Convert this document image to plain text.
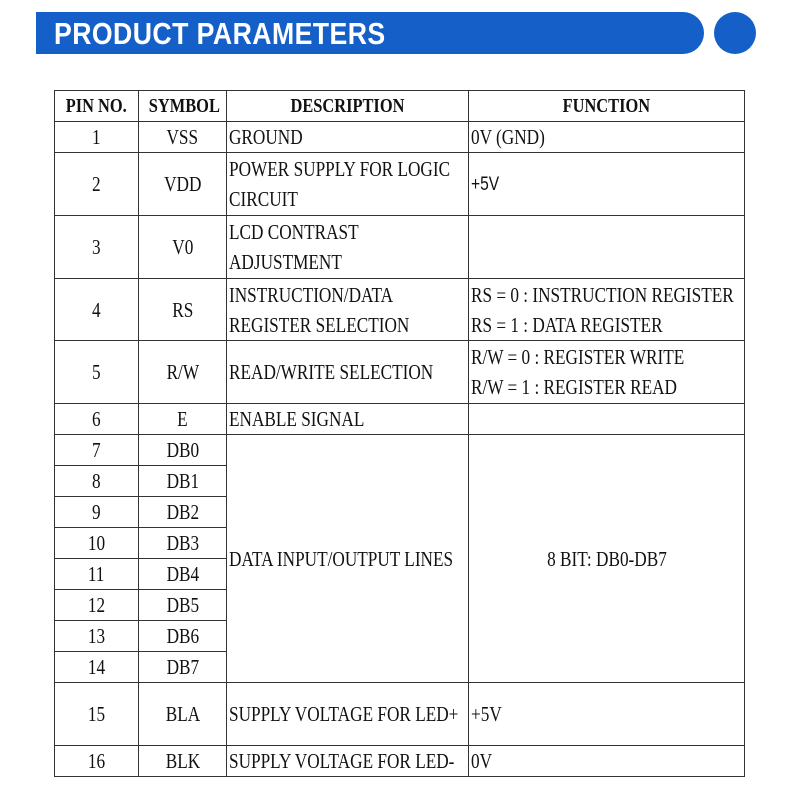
PRODUCT PARAMETERS
PIN NO.	SYMBOL	DESCRIPTION	FUNCTION

1	VSS	GROUND	0V (GND)

2	VDD	POWER SUPPLY FOR LOGIC
CIRCUIT	+5V

3	V0	LCD CONTRAST
ADJUSTMENT	

4	RS	INSTRUCTION/DATA
REGISTER SELECTION	RS = 0 : INSTRUCTION REGISTER
RS = 1 : DATA REGISTER

5	R/W	READ/WRITE SELECTION	R/W = 0 : REGISTER WRITE
R/W = 1 : REGISTER READ

6	E	ENABLE SIGNAL	

7	DB0	DATA INPUT/OUTPUT LINES	8 BIT: DB0-DB7

8	DB1		

9	DB2		

10	DB3		

11	DB4		

12	DB5		

13	DB6		

14	DB7		

15	BLA	SUPPLY VOLTAGE FOR LED+	+5V

16	BLK	SUPPLY VOLTAGE FOR LED-	0V
